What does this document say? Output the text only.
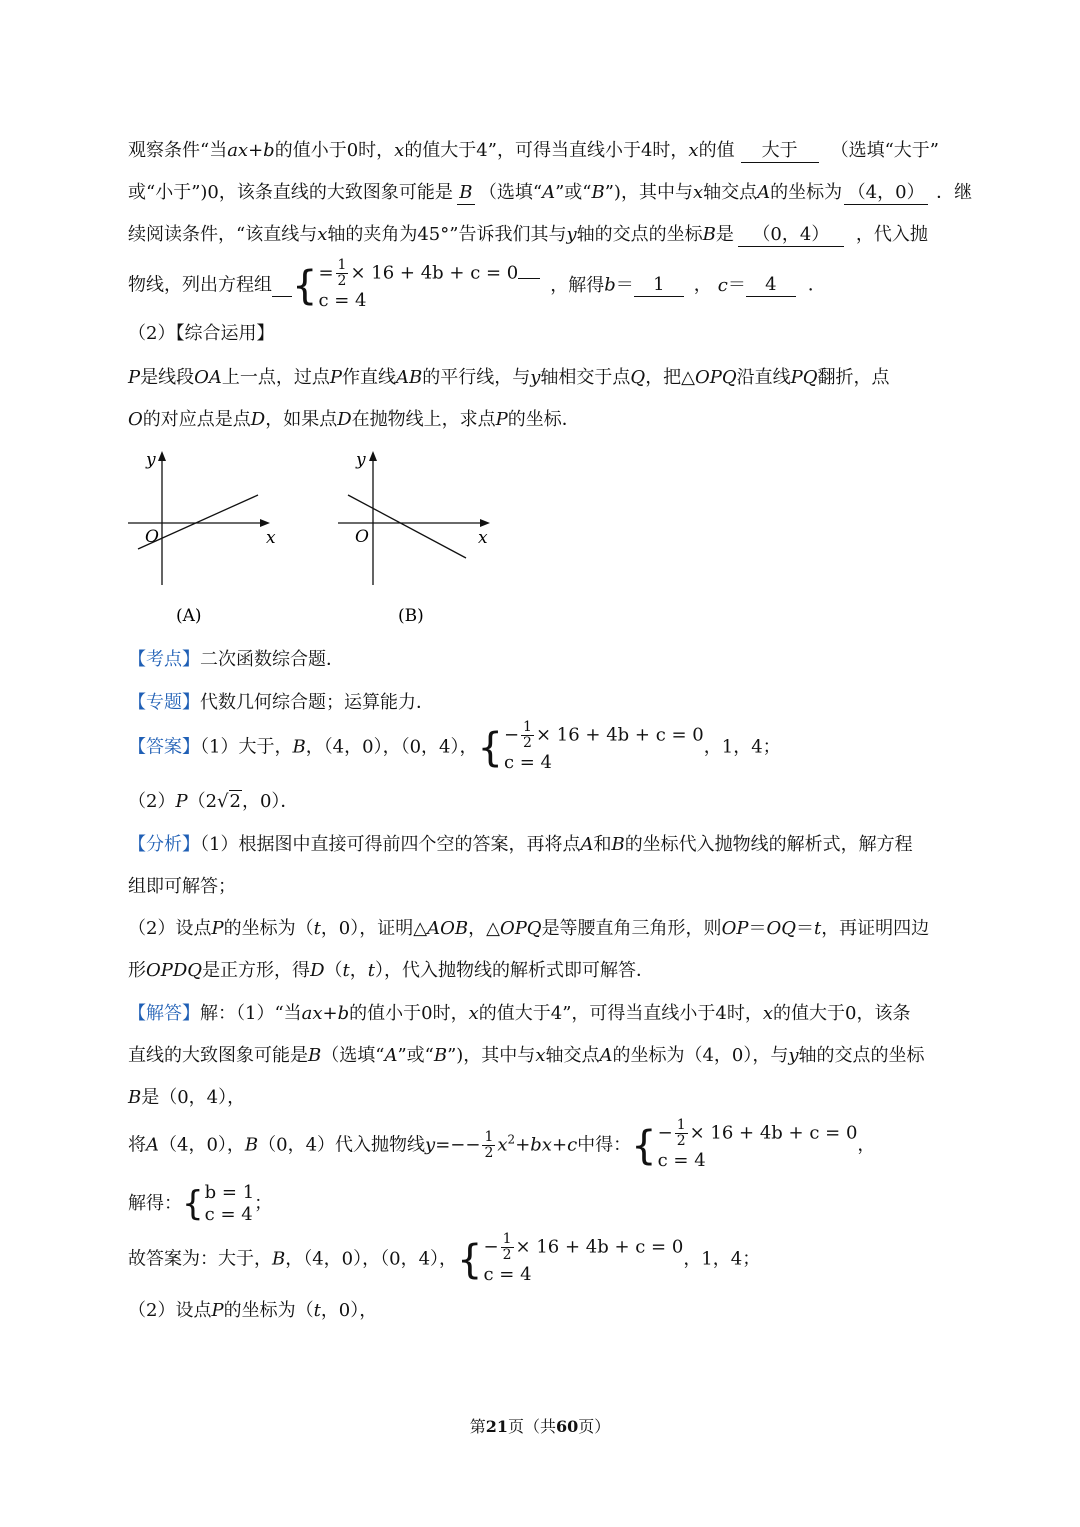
观察条件“当ax+b的值小于0时，x的值大于4”，可得当直线小于4时，x的值 大于 （选填“大于”
或“小于”)0，该条直线的大致图象可能是 B （选填“A”或“B”)，其中与x轴交点A的坐标为 （4，0） ．继
续阅读条件，“该直线与x轴的夹角为45°”告诉我们其与y轴的交点的坐标B是 （0，4） ，代入抛
物线，列出方程组 { = $\frac{1}{2} \times 16 + 4b + c = 0$
c = 4
，解得b＝ 1 ， c＝ 4 ．
（2）【综合运用】
P是线段OA上一点，过点P作直线AB的平行线，与y轴相交于点Q，把△OPQ沿直线PQ翻折，点
O的对应点是点D，如果点D在抛物线上，求点P的坐标．
y
x
O
(A)
y
x
O
(B)
【考点】二次函数综合题．
【专题】代数几何综合题；运算能力．
【答案】（1）大于，B，（4，0），（0，4），{ − $\frac{1}{2} \times 16 + 4b + c = 0$
c = 4
，1，4；
（2）P（2√2，0）．
【分析】（1）根据图中直接可得前四个空的答案，再将点A和B的坐标代入抛物线的解析式，解方程
组即可解答；
（2）设点P的坐标为（t，0），证明△AOB，△OPQ是等腰直角三角形，则OP＝OQ＝t，再证明四边
形OPDQ是正方形，得D（t，t），代入抛物线的解析式即可解答．
【解答】解：（1）“当ax+b的值小于0时，x的值大于4”，可得当直线小于4时，x的值大于0，该条
直线的大致图象可能是B（选填“A”或“B”)，其中与x轴交点A的坐标为（4，0），与y轴的交点的坐标
B是（0，4），
将A（4，0），B（0，4）代入抛物线$y=-- \frac{1}{2} x^2+bx+c$中得：{ − $\frac{1}{2} \times 16 + 4b + c = 0$
c = 4
，
解得：{ b = 1
c = 4
；
故答案为：大于，B，（4，0），（0，4），{ − $\frac{1}{2} \times 16 + 4b + c = 0$
c = 4
，1，4；
（2）设点P的坐标为（t，0），
第21页（共60页）
